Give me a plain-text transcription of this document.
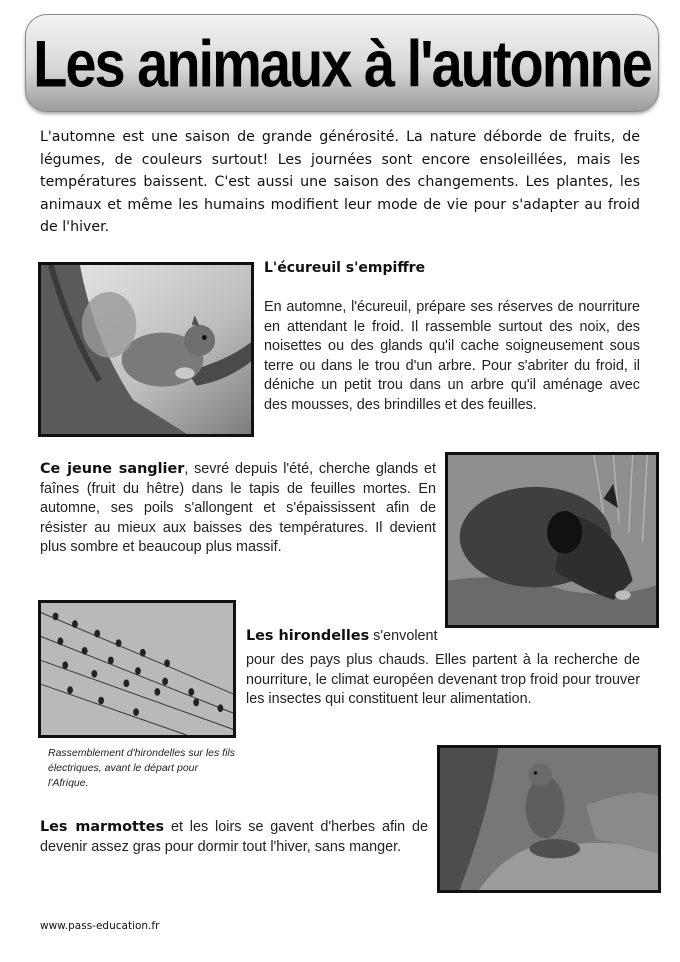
Les animaux à l'automne

L'automne est une saison de grande générosité. La nature déborde de fruits, de légumes, de couleurs surtout! Les journées sont encore ensoleillées, mais les températures baissent. C'est aussi une saison des changements. Les plantes, les animaux et même les humains modifient leur mode de vie pour s'adapter au froid de l'hiver.

L'écureuil s'empiffre

En automne, l'écureuil, prépare ses réserves de nourriture en attendant le froid. Il rassemble surtout des noix, des noisettes ou des glands qu'il cache soigneusement sous terre ou dans le trou d'un arbre. Pour s'abriter du froid, il déniche un petit trou dans un arbre qu'il aménage avec des mousses, des brindilles et des feuilles.

Ce jeune sanglier, sevré depuis l'été, cherche glands et faînes (fruit du hêtre) dans le tapis de feuilles mortes. En automne, ses poils s'allongent et s'épaississent afin de résister au mieux aux baisses des températures. Il devient plus sombre et beaucoup plus massif.

Les hirondelles s'envolent

pour des pays plus chauds. Elles partent à la recherche de nourriture, le climat européen devenant trop froid pour trouver les insectes qui constituent leur alimentation.

Rassemblement d'hirondelles sur les fils électriques, avant le départ pour l'Afrique.

Les marmottes et les loirs se gavent d'herbes afin de devenir assez gras pour dormir tout l'hiver, sans manger.

www.pass-education.fr
